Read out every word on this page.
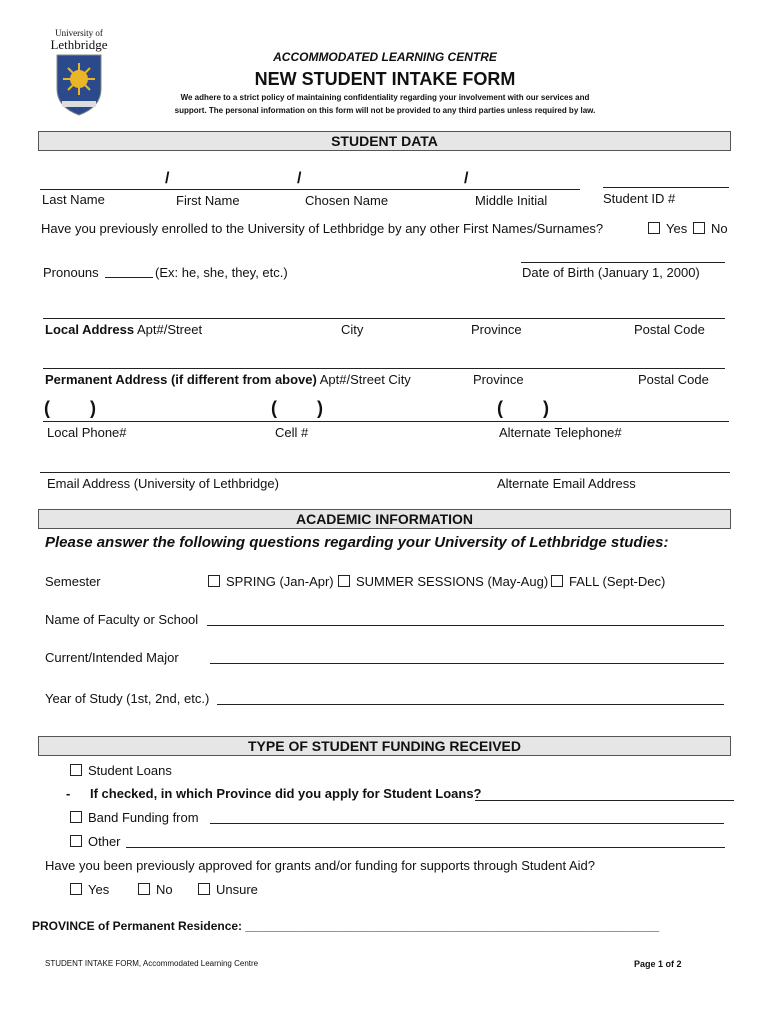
University of
Lethbridge
ACCOMMODATED LEARNING CENTRE
NEW STUDENT INTAKE FORM
We adhere to a strict policy of maintaining confidentiality regarding your involvement with our services and
support. The personal information on this form will not be provided to any third parties unless required by law.
STUDENT DATA
/	/	/
Last Name	First Name	Chosen Name	Middle Initial	Student ID #
Have you previously enrolled to the University of Lethbridge by any other First Names/Surnames?	Yes	No
Pronouns	(Ex: he, she, they, etc.)	Date of Birth (January 1, 2000)
Local Address Apt#/Street	City	Province	Postal Code
Permanent Address (if different from above) Apt#/Street City	Province	Postal Code
( )	( )	( )
Local Phone#	Cell #	Alternate Telephone#
Email Address (University of Lethbridge)	Alternate Email Address
ACADEMIC INFORMATION
Please answer the following questions regarding your University of Lethbridge studies:
Semester	SPRING (Jan-Apr)	SUMMER SESSIONS (May-Aug)	FALL (Sept-Dec)
Name of Faculty or School
Current/Intended Major
Year of Study (1st, 2nd, etc.)
TYPE OF STUDENT FUNDING RECEIVED
Student Loans
- If checked, in which Province did you apply for Student Loans?
Band Funding from
Other
Have you been previously approved for grants and/or funding for supports through Student Aid?
Yes	No	Unsure
PROVINCE of Permanent Residence: ______________________________________________________________
STUDENT INTAKE FORM, Accommodated Learning Centre	Page 1 of 2
